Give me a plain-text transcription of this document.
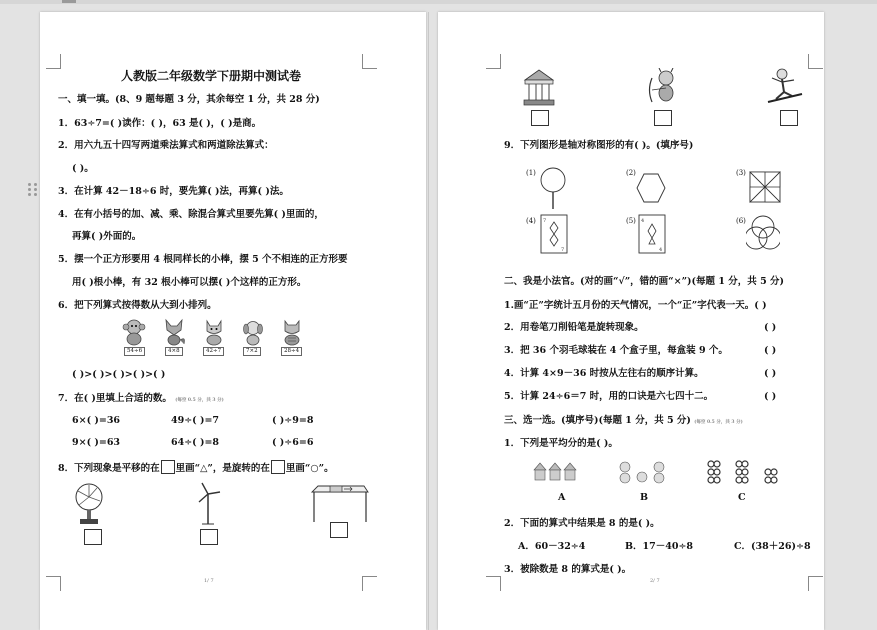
人教版二年级数学下册期中测试卷
一、填一填。(8、9 题每题 3 分，其余每空 1 分，共 28 分)
1．63÷7=( )读作：( )，63 是( )，( )是商。
2．用六九五十四写两道乘法算式和两道除法算式：
( )。
3．在计算 42－18÷6 时，要先算( )法，再算( )法。
4．在有小括号的加、减、乘、除混合算式里要先算( )里面的，
再算( )外面的。
5．摆一个正方形要用 4 根同样长的小棒，摆 5 个不相连的正方形要
用( )根小棒，有 32 根小棒可以摆( )个这样的正方形。
6．把下列算式按得数从大到小排列。
54÷6	4×8	42÷7	7×2	28÷4
( )>( )>( )>( )>( )
7．在( )里填上合适的数。 (每空 0.5 分，共 3 分)
6×( )=36	49÷( )=7	( )÷9=8
9×( )=63	64÷( )=8	( )÷6=6
8．下列现象是平移的在 里画“△”，是旋转的在 里画“○”。
1/ 7
9．下列图形是轴对称图形的有( )。(填序号)
(1)	(2)	(3)
(4)	(5)	(6)
7
7
4
4
二、我是小法官。(对的画“√”，错的画“×”)(每题 1 分，共 5 分)
1.画“正”字统计五月份的天气情况，一个“正”字代表一天。( )
2．用卷笔刀削铅笔是旋转现象。	( )
3．把 36 个羽毛球装在 4 个盒子里，每盒装 9 个。	( )
4．计算 4×9－36 时按从左往右的顺序计算。	( )
5．计算 24÷6＝7 时，用的口诀是六七四十二。	( )
三、选一选。(填序号)(每题 1 分，共 5 分) (每空 0.5 分，共 3 分)
1．下列是平均分的是( )。
A	B	C
2．下面的算式中结果是 8 的是( )。
A．60－32÷4	B．17－40÷8	C．(38＋26)÷8
3．被除数是 8 的算式是( )。
2/ 7
